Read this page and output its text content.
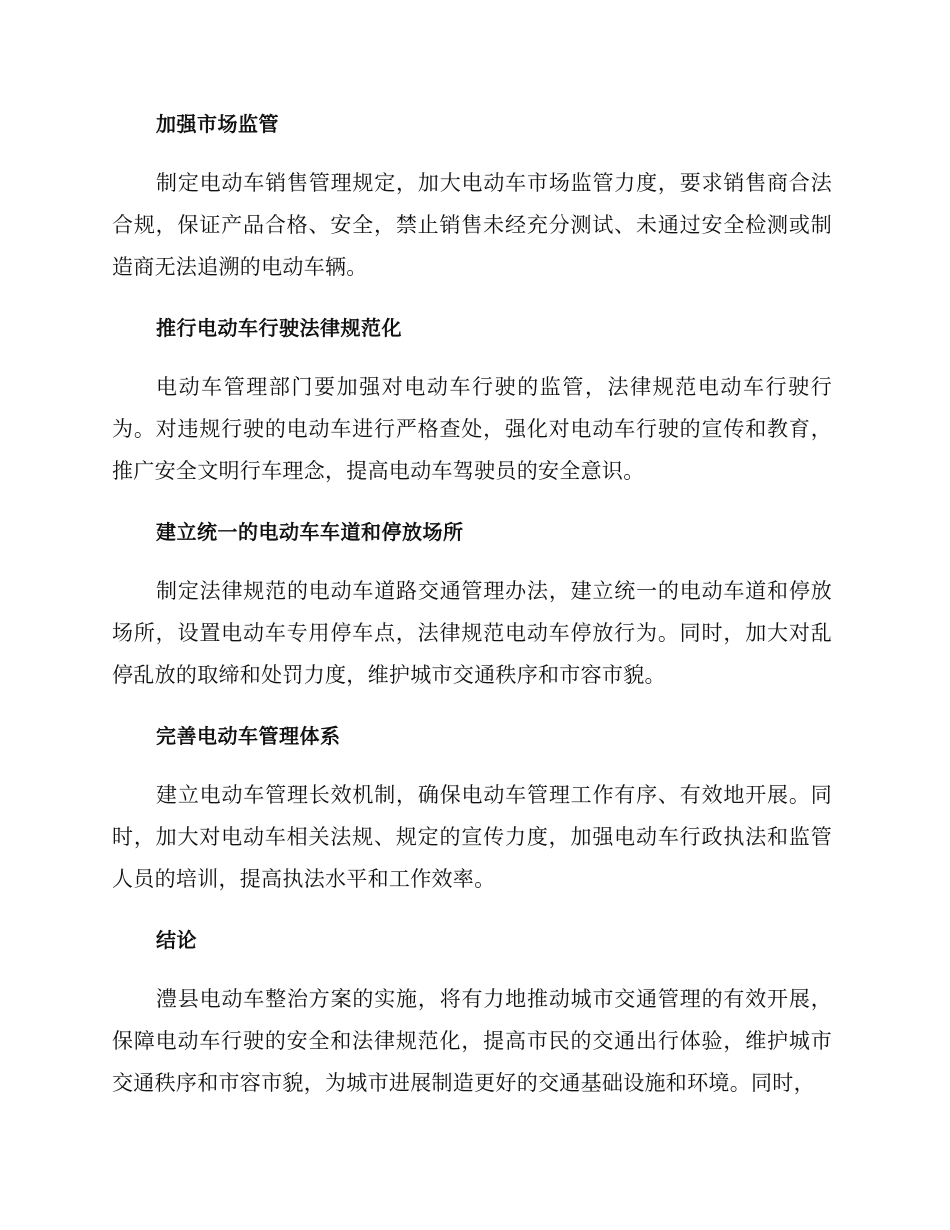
加强市场监管

制定电动车销售管理规定，加大电动车市场监管力度，要求销售商合法合规，保证产品合格、安全，禁止销售未经充分测试、未通过安全检测或制造商无法追溯的电动车辆。

推行电动车行驶法律规范化

电动车管理部门要加强对电动车行驶的监管，法律规范电动车行驶行为。对违规行驶的电动车进行严格查处，强化对电动车行驶的宣传和教育，推广安全文明行车理念，提高电动车驾驶员的安全意识。

建立统一的电动车车道和停放场所

制定法律规范的电动车道路交通管理办法，建立统一的电动车道和停放场所，设置电动车专用停车点，法律规范电动车停放行为。同时，加大对乱停乱放的取缔和处罚力度，维护城市交通秩序和市容市貌。

完善电动车管理体系

建立电动车管理长效机制，确保电动车管理工作有序、有效地开展。同时，加大对电动车相关法规、规定的宣传力度，加强电动车行政执法和监管人员的培训，提高执法水平和工作效率。

结论

澧县电动车整治方案的实施，将有力地推动城市交通管理的有效开展，保障电动车行驶的安全和法律规范化，提高市民的交通出行体验，维护城市交通秩序和市容市貌，为城市进展制造更好的交通基础设施和环境。同时，
